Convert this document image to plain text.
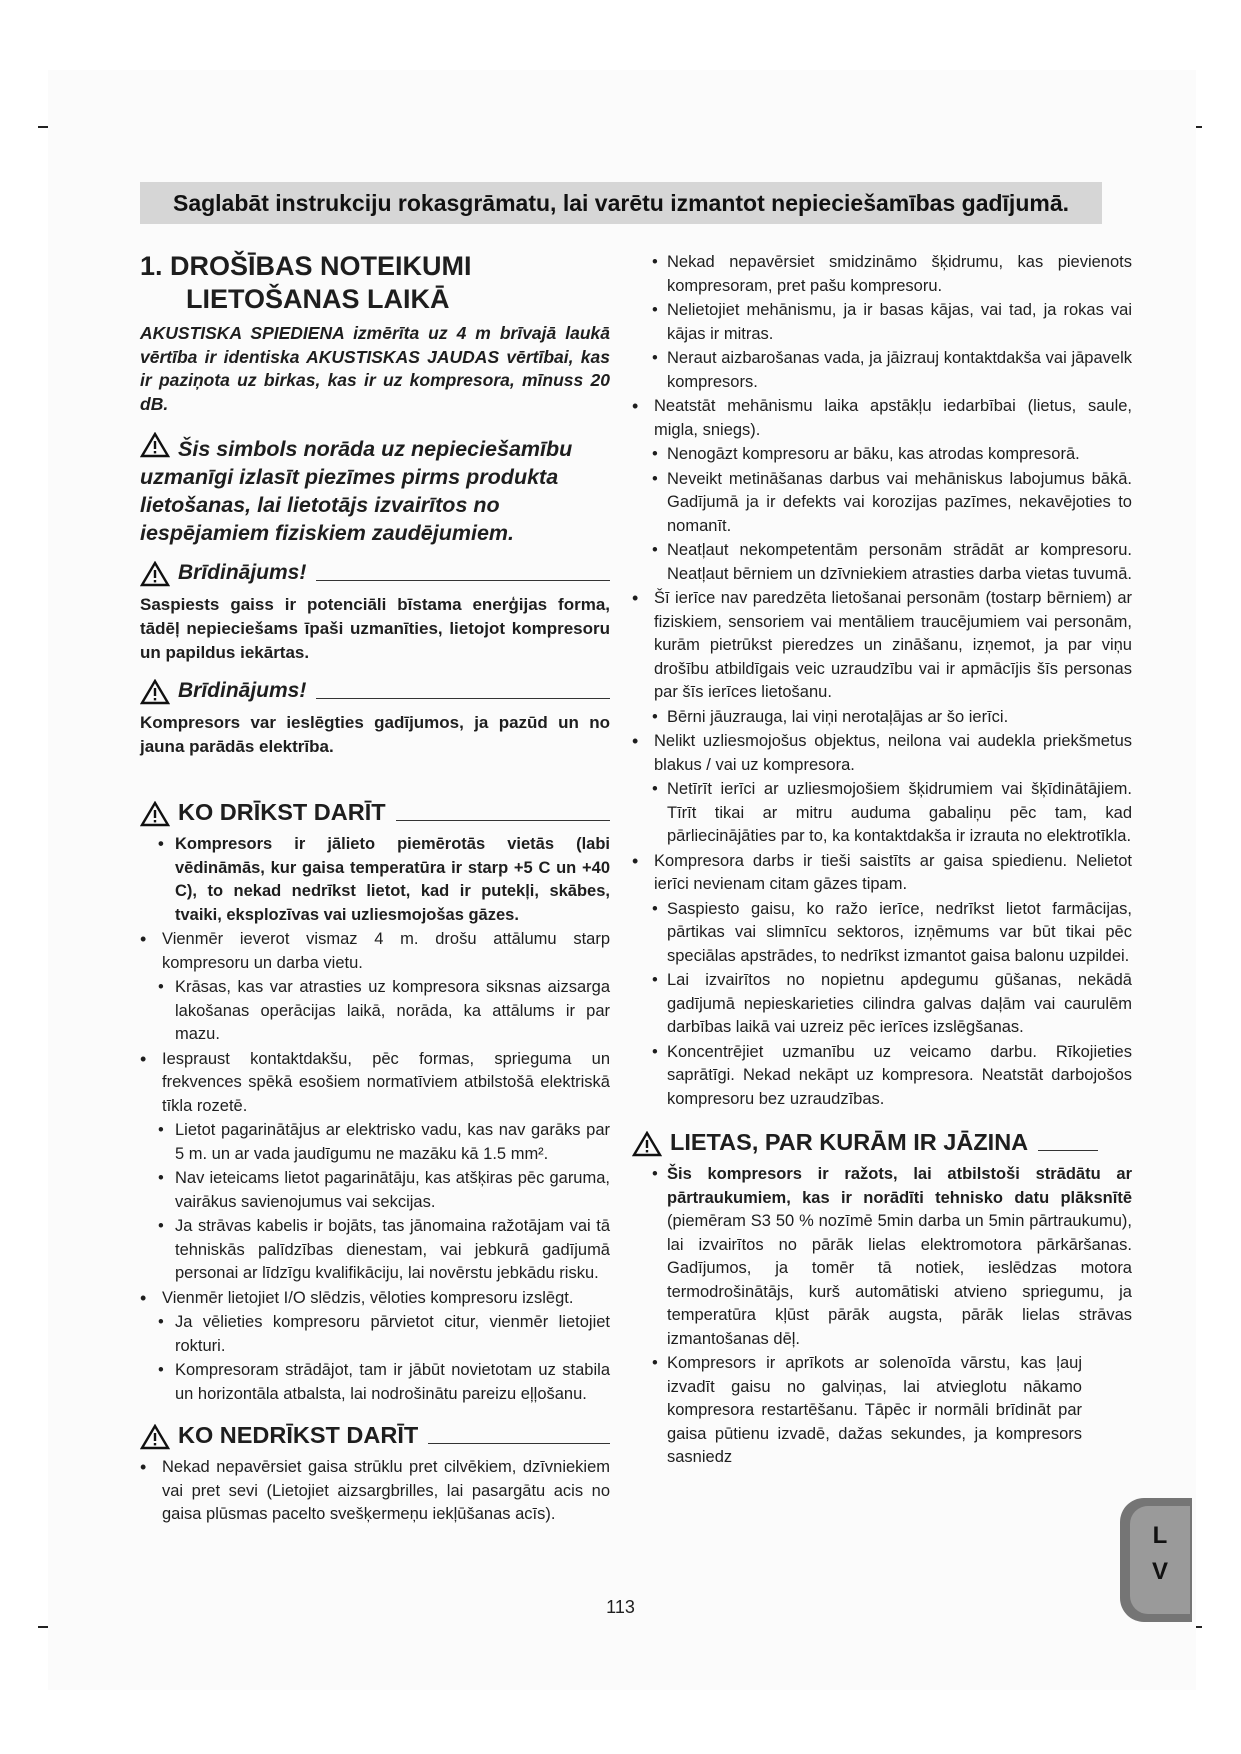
Saglabāt instrukciju rokasgrāmatu, lai varētu izmantot nepieciešamības gadījumā.
1. DROŠĪBAS NOTEIKUMI
LIETOŠANAS LAIKĀ

AKUSTISKA SPIEDIENA izmērīta uz 4 m brīvajā laukā vērtība ir identiska AKUSTISKAS JAUDAS vērtībai, kas ir paziņota uz birkas, kas ir uz kompresora, mīnuss 20 dB.

Šis simbols norāda uz nepieciešamību uzmanīgi izlasīt piezīmes pirms produkta lietošanas, lai lietotājs izvairītos no iespējamiem fiziskiem zaudējumiem.

Brīdinājums!

Saspiests gaiss ir potenciāli bīstama enerģijas forma, tādēļ nepieciešams īpaši uzmanīties, lietojot kompresoru un papildus iekārtas.

Brīdinājums!

Kompresors var ieslēgties gadījumos, ja pazūd un no jauna parādās elektrība.

KO DRĪKST DARĪT
• Kompresors ir jālieto piemērotās vietās (labi vēdināmās, kur gaisa temperatūra ir starp +5 C un +40 C), to nekad nedrīkst lietot, kad ir putekļi, skābes, tvaiki, eksplozīvas vai uzliesmojošas gāzes.
• Vienmēr ieverot vismaz 4 m. drošu attālumu starp kompresoru un darba vietu.
• Krāsas, kas var atrasties uz kompresora siksnas aizsarga lakošanas operācijas laikā, norāda, ka attālums ir par mazu.
• Iespraust kontaktdakšu, pēc formas, sprieguma un frekvences spēkā esošiem normatīviem atbilstošā elektriskā tīkla rozetē.
• Lietot pagarinātājus ar elektrisko vadu, kas nav garāks par 5 m. un ar vada jaudīgumu ne mazāku kā 1.5 mm².
• Nav ieteicams lietot pagarinātāju, kas atšķiras pēc garuma, vairākus savienojumus vai sekcijas.
• Ja strāvas kabelis ir bojāts, tas jānomaina ražotājam vai tā tehniskās palīdzības dienestam, vai jebkurā gadījumā personai ar līdzīgu kvalifikāciju, lai novērstu jebkādu risku.
• Vienmēr lietojiet I/O slēdzis, vēloties kompresoru izslēgt.
• Ja vēlieties kompresoru pārvietot citur, vienmēr lietojiet rokturi.
• Kompresoram strādājot, tam ir jābūt novietotam uz stabila un horizontāla atbalsta, lai nodrošinātu pareizu eļļošanu.
KO NEDRĪKST DARĪT
• Nekad nepavērsiet gaisa strūklu pret cilvēkiem, dzīvniekiem vai pret sevi (Lietojiet aizsargbrilles, lai pasargātu acis no gaisa plūsmas pacelto svešķermeņu iekļūšanas acīs).
• Nekad nepavērsiet smidzināmo šķidrumu, kas pievienots kompresoram, pret pašu kompresoru.
• Nelietojiet mehānismu, ja ir basas kājas, vai tad, ja rokas vai kājas ir mitras.
• Neraut aizbarošanas vada, ja jāizrauj kontaktdakša vai jāpavelk kompresors.
• Neatstāt mehānismu laika apstākļu iedarbībai (lietus, saule, migla, sniegs).
• Nenogāzt kompresoru ar bāku, kas atrodas kompresorā.
• Neveikt metināšanas darbus vai mehāniskus labojumus bākā. Gadījumā ja ir defekts vai korozijas pazīmes, nekavējoties to nomanīt.
• Neatļaut nekompetentām personām strādāt ar kompresoru. Neatļaut bērniem un dzīvniekiem atrasties darba vietas tuvumā.
• Šī ierīce nav paredzēta lietošanai personām (tostarp bērniem) ar fiziskiem, sensoriem vai mentāliem traucējumiem vai personām, kurām pietrūkst pieredzes un zināšanu, izņemot, ja par viņu drošību atbildīgais veic uzraudzību vai ir apmācījis šīs personas par šīs ierīces lietošanu.
• Bērni jāuzrauga, lai viņi nerotaļājas ar šo ierīci.
• Nelikt uzliesmojošus objektus, neilona vai audekla priekšmetus blakus / vai uz kompresora.
• Netīrīt ierīci ar uzliesmojošiem šķidrumiem vai šķīdinātājiem. Tīrīt tikai ar mitru auduma gabaliņu pēc tam, kad pārliecinājāties par to, ka kontaktdakša ir izrauta no elektrotīkla.
• Kompresora darbs ir tieši saistīts ar gaisa spiedienu. Nelietot ierīci nevienam citam gāzes tipam.
• Saspiesto gaisu, ko ražo ierīce, nedrīkst lietot farmācijas, pārtikas vai slimnīcu sektoros, izņēmums var būt tikai pēc speciālas apstrādes, to nedrīkst izmantot gaisa balonu uzpildei.
• Lai izvairītos no nopietnu apdegumu gūšanas, nekādā gadījumā nepieskarieties cilindra galvas daļām vai caurulēm darbības laikā vai uzreiz pēc ierīces izslēgšanas.
• Koncentrējiet uzmanību uz veicamo darbu. Rīkojieties saprātīgi. Nekad nekāpt uz kompresora. Neatstāt darbojošos kompresoru bez uzraudzības.
LIETAS, PAR KURĀM IR JĀZINA
• Šis kompresors ir ražots, lai atbilstoši strādātu ar pārtraukumiem, kas ir norādīti tehnisko datu plāksnītē (piemēram S3 50 % nozīmē 5min darba un 5min pārtraukumu), lai izvairītos no pārāk lielas elektromotora pārkāršanas. Gadījumos, ja tomēr tā notiek, ieslēdzas motora termodrošinātājs, kurš automātiski atvieno spriegumu, ja temperatūra kļūst pārāk augsta, pārāk lielas strāvas izmantošanas dēļ.
• Kompresors ir aprīkots ar solenoīda vārstu, kas ļauj izvadīt gaisu no galviņas, lai atvieglotu nākamo kompresora restartēšanu. Tāpēc ir normāli brīdināt par gaisa pūtienu izvadē, dažas sekundes, ja kompresors sasniedz
L
V
113
